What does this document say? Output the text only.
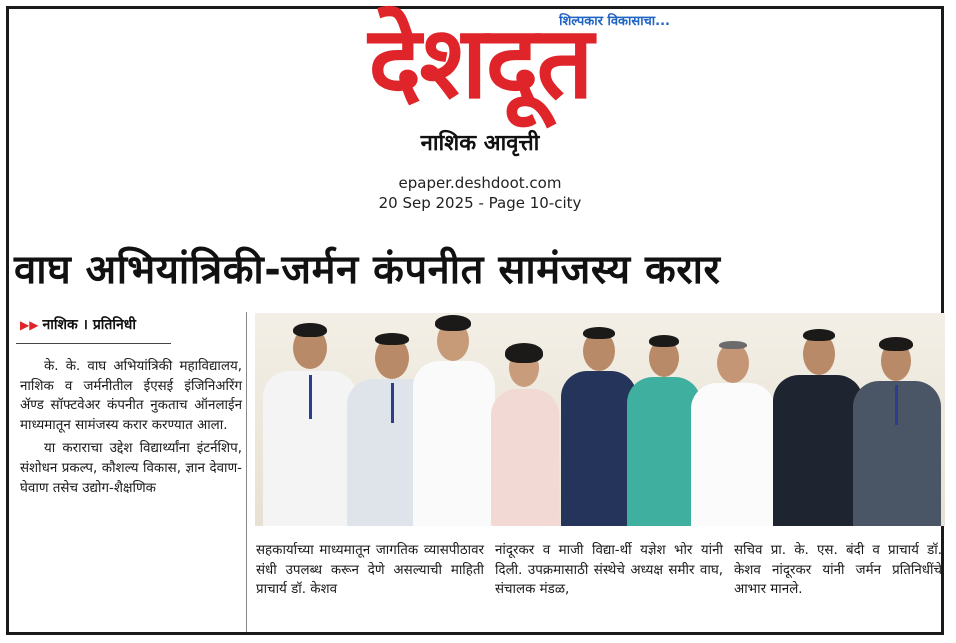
शिल्पकार विकासाचा...
देशदूत
नाशिक आवृत्ती
epaper.deshdoot.com
20 Sep 2025 - Page 10-city
वाघ अभियांत्रिकी-जर्मन कंपनीत सामंजस्य करार
▶▶ नाशिक । प्रतिनिधी

के. के. वाघ अभियांत्रिकी महाविद्यालय, नाशिक व जर्मनीतील ईएसई इंजिनिअरिंग ॲण्ड सॉफ्टवेअर कंपनीत नुकताच ऑनलाईन माध्यमातून सामंजस्य करार करण्यात आला.

या कराराचा उद्देश विद्यार्थ्यांना इंटर्नशिप, संशोधन प्रकल्प, कौशल्य विकास, ज्ञान देवाण-घेवाण तसेच उद्योग-शैक्षणिक

सहकार्याच्या माध्यमातून जागतिक व्यासपीठावर संधी उपलब्ध करून देणे असल्याची माहिती प्राचार्य डॉ. केशव
नांदूरकर व माजी विद्या-र्थी यज्ञेश भोर यांनी दिली. उपक्रमासाठी संस्थेचे अध्यक्ष समीर वाघ, संचालक मंडळ,
सचिव प्रा. के. एस. बंदी व प्राचार्य डॉ. केशव नांदूरकर यांनी जर्मन प्रतिनिधींचे आभार मानले.
